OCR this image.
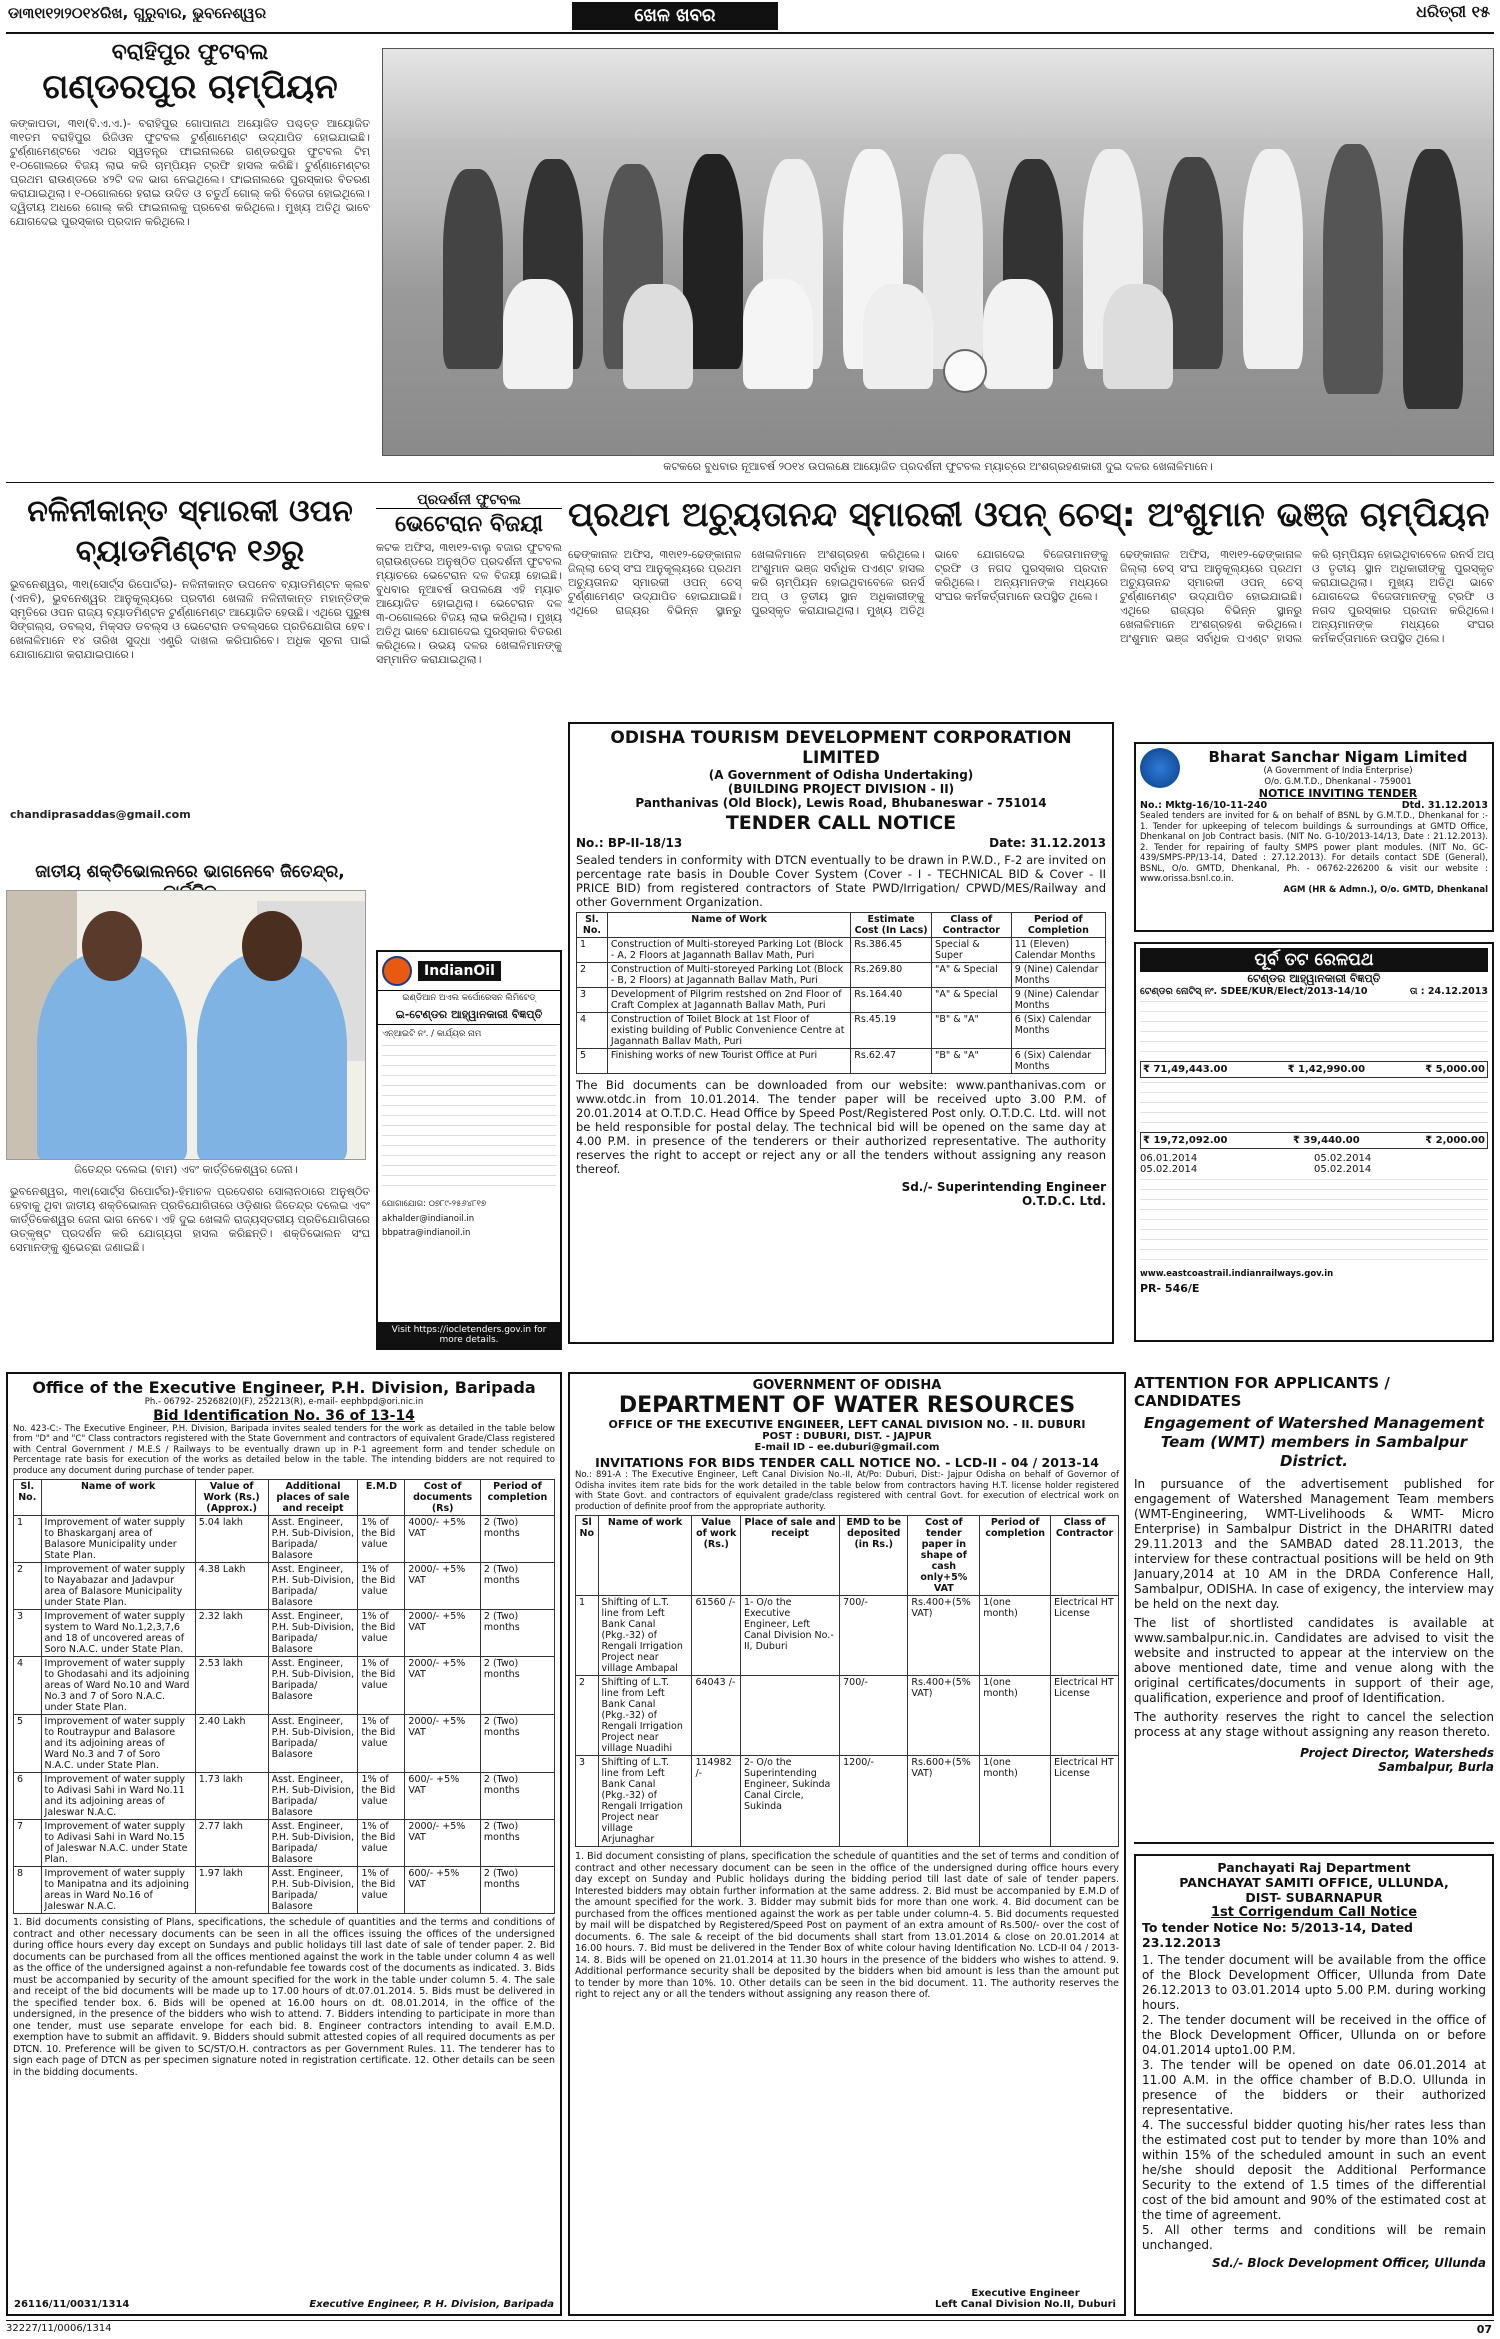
ଡା୩୧ା୧୨ା୨୦୧୪ରିଖ, ଗୁରୁବାର, ଭୁବନେଶ୍ୱର	ଖେଳ ଖବର	ଧରିତ୍ରୀ ୧୫
ବରାହିପୁର ଫୁଟବଲ
ଗଣ୍ଡରପୁର ଚାମ୍ପିୟନ
କଙ୍କାପଡା, ୩୧ା(ବି.ଏ.ଏ.)- ବରାହିପୁର ଗୋପାନାଥ ଅୟୋଜିତ ପଶ୍ଚତ୍ତ ଆୟୋଜିତ ୩୧ତମ ବରାହିପୁର ରିଜିଓନ ଫୁଟବଲ ଟୁର୍ଣ୍ଣାମେଣ୍ଟ ଉଦ୍‌ଯାପିତ ହୋଇଯାଇଛି। ଟୁର୍ଣ୍ଣାମେଣ୍ଟରେ ଏଥର ସ୍ୱତନ୍ତ୍ର ଫାଇନାଲରେ ଗଣ୍ଡରପୁର ଫୁଟବଲ ଟିମ୍ ୧-୦ଗୋଲରେ ବିଜୟ ଲାଭ କରି ଚାମ୍ପିୟନ ଟ୍ରଫି ହାସଲ କରିଛି। ଟୁର୍ଣ୍ଣାମେଣ୍ଟର ପ୍ରଥମ ରାଉଣ୍ଡରେ ୪୨ଟି ଦଳ ଭାଗ ନେଇଥିଲେ। ଫାଇନାଲରେ ପୁରସ୍କାର ବିତରଣ କରାଯାଇଥିଲା। ୧-୦ଗୋଲରେ ହରାଇ ଉଦିତ ଓ ଚତୁର୍ଥ ଗୋଲ୍ କରି ବିଜେତା ହୋଇଥିଲେ। ଦ୍ୱିତୀୟ ଅଧରେ ଗୋଲ୍ କରି ଫାଇନାଲକୁ ପ୍ରବେଶ କରିଥିଲେ। ମୁଖ୍ୟ ଅତିଥି ଭାବେ ଯୋଗଦେଇ ପୁରସ୍କାର ପ୍ରଦାନ କରିଥିଲେ।
କଟକରେ ବୁଧବାର ନୂଆବର୍ଷ ୨୦୧୪ ଉପଲକ୍ଷେ ଆୟୋଜିତ ପ୍ରଦର୍ଶନୀ ଫୁଟବଲ ମ୍ୟାଚ୍‌ରେ ଅଂଶଗ୍ରହଣକାରୀ ଦୁଇ ଦଳର ଖେଳାଳିମାନେ।
ନଳିନୀକାନ୍ତ ସ୍ମାରକୀ ଓପନ ବ୍ୟାଡମିଣ୍ଟନ ୧୬ରୁ
ଭୁବନେଶ୍ୱର, ୩୧ା(ସୋର୍ଟ୍ସ ରିପୋର୍ଟର)- ନଳିନୀକାନ୍ତ ଉପନେବ ବ୍ୟାଡମିଣ୍ଟନ କ୍ଲବ (ଏନବି), ଭୁବନେଶ୍ୱର ଆନୁକୂଲ୍ୟରେ ପ୍ରବୀଣ ଖେଳାଳି ନଳିନୀକାନ୍ତ ମହାନ୍ତିଙ୍କ ସ୍ମୃତିରେ ଓପନ ରାଜ୍ୟ ବ୍ୟାଡମିଣ୍ଟନ ଟୁର୍ଣ୍ଣାମେଣ୍ଟ ଆୟୋଜିତ ହେଉଛି। ଏଥିରେ ପୁରୁଷ ସିଙ୍ଗଲ୍ସ, ଡବଲ୍ସ, ମିକ୍ସଡ ଡବଲ୍ସ ଓ ଭେଟେରାନ ଡବଲ୍ସରେ ପ୍ରତିଯୋଗିତା ହେବ। ଖେଳାଳିମାନେ ୧୪ ତାରିଖ ସୁଦ୍ଧା ଏଣ୍ଟ୍ରି ଦାଖଲ କରିପାରିବେ। ଅଧିକ ସୂଚନା ପାଇଁ ଯୋଗାଯୋଗ କରାଯାଇପାରେ।
chandiprasaddas@gmail.com
ଜାତୀୟ ଶକ୍ତିଭୋଲନରେ ଭାଗନେବେ ଜିତେନ୍ଦ୍ର,
ଜିତେନ୍ଦ୍ର ଦଲେଇ (ବାମ) ଏବଂ କାର୍ତ୍ତିକେଶ୍ୱର ଜେନା।
ଭୁବନେଶ୍ୱର, ୩୧ା(ସୋର୍ଟ୍ସ ରିପୋର୍ଟର)-ହିମାଚଳ ପ୍ରଦେଶର ସୋଲାନଠାରେ ଅନୁଷ୍ଠିତ ହେବାକୁ ଥିବା ଜାତୀୟ ଶକ୍ତିଭୋଲନ ପ୍ରତିଯୋଗିତାରେ ଓଡ଼ିଶାର ଜିତେନ୍ଦ୍ର ଦଲେଇ ଏବଂ କାର୍ତ୍ତିକେଶ୍ୱର ଜେନା ଭାଗ ନେବେ। ଏହି ଦୁଇ ଖେଳାଳି ରାଜ୍ୟସ୍ତରୀୟ ପ୍ରତିଯୋଗିତାରେ ଉତ୍କୃଷ୍ଟ ପ୍ରଦର୍ଶନ କରି ଯୋଗ୍ୟତା ହାସଲ କରିଛନ୍ତି। ଶକ୍ତିଭୋଲନ ସଂଘ ସେମାନଙ୍କୁ ଶୁଭେଚ୍ଛା ଜଣାଇଛି।
ପ୍ରଦର୍ଶନୀ ଫୁଟବଲ
ଭେଟେରାନ ବିଜୟୀ
କଟକ ଅଫିସ, ୩୧ା୧୨-ବାଲୁ ବଜାର ଫୁଟବଲ ଗ୍ରାଉଣ୍ଡରେ ଅନୁଷ୍ଠିତ ପ୍ରଦର୍ଶନୀ ଫୁଟବଲ ମ୍ୟାଚରେ ଭେଟେରାନ ଦଳ ବିଜୟୀ ହୋଇଛି। ବୁଧବାର ନୂଆବର୍ଷ ଉପଲକ୍ଷେ ଏହି ମ୍ୟାଚ ଆୟୋଜିତ ହୋଇଥିଲା। ଭେଟେରାନ ଦଳ ୩-୦ଗୋଲରେ ବିଜୟ ଲାଭ କରିଥିଲା। ମୁଖ୍ୟ ଅତିଥି ଭାବେ ଯୋଗଦେଇ ପୁରସ୍କାର ବିତରଣ କରିଥିଲେ। ଉଭୟ ଦଳର ଖେଳାଳିମାନଙ୍କୁ ସମ୍ମାନିତ କରାଯାଇଥିଲା।
IndianOil
ଇଣ୍ଡିଆନ ଅଏଲ କର୍ପୋରେସନ ଲିମିଟେଡ୍
ଇ-ଟେଣ୍ଡର ଆହ୍ୱାନକାରୀ ବିଜ୍ଞପ୍ତି
ଏନ୍‌ଆଇଟି ନଂ. / କାର୍ଯ୍ୟର ନାମ
ଯୋଗାଯୋଗ: ୦୭୮୯-୨୫୬୪୮୧୭
akhalder@indianoil.in
bbpatra@indianoil.in
Visit https://iocletenders.gov.in for more details.
ପ୍ରଥମ ଅଚ୍ୟୁତାନନ୍ଦ ସ୍ମାରକୀ ଓପନ୍ ଚେସ୍: ଅଂଶୁମାନ ଭଞ୍ଜ ଚାମ୍ପିୟନ
ଢେଙ୍କାନାଳ ଅଫିସ, ୩୧ା୧୨-ଢେଙ୍କାନାଳ ଜିଲ୍ଲା ଚେସ୍ ସଂଘ ଆନୁକୂଲ୍ୟରେ ପ୍ରଥମ ଅଚ୍ୟୁତାନନ୍ଦ ସ୍ମାରକୀ ଓପନ୍ ଚେସ୍ ଟୁର୍ଣ୍ଣାମେଣ୍ଟ ଉଦ୍‌ଯାପିତ ହୋଇଯାଇଛି। ଏଥିରେ ରାଜ୍ୟର ବିଭିନ୍ନ ସ୍ଥାନରୁ ଖେଳାଳିମାନେ ଅଂଶଗ୍ରହଣ କରିଥିଲେ। ଅଂଶୁମାନ ଭଞ୍ଜ ସର୍ବାଧିକ ପଏଣ୍ଟ ହାସଲ କରି ଚାମ୍ପିୟନ ହୋଇଥିବାବେଳେ ରନର୍ସ ଅପ୍ ଓ ତୃତୀୟ ସ୍ଥାନ ଅଧିକାରୀଙ୍କୁ ପୁରସ୍କୃତ କରାଯାଇଥିଲା। ମୁଖ୍ୟ ଅତିଥି ଭାବେ ଯୋଗଦେଇ ବିଜେତାମାନଙ୍କୁ ଟ୍ରଫି ଓ ନଗଦ ପୁରସ୍କାର ପ୍ରଦାନ କରିଥିଲେ। ଅନ୍ୟମାନଙ୍କ ମଧ୍ୟରେ ସଂଘର କର୍ମକର୍ତ୍ତାମାନେ ଉପସ୍ଥିତ ଥିଲେ।
ଢେଙ୍କାନାଳ ଅଫିସ, ୩୧ା୧୨-ଢେଙ୍କାନାଳ ଜିଲ୍ଲା ଚେସ୍ ସଂଘ ଆନୁକୂଲ୍ୟରେ ପ୍ରଥମ ଅଚ୍ୟୁତାନନ୍ଦ ସ୍ମାରକୀ ଓପନ୍ ଚେସ୍ ଟୁର୍ଣ୍ଣାମେଣ୍ଟ ଉଦ୍‌ଯାପିତ ହୋଇଯାଇଛି। ଏଥିରେ ରାଜ୍ୟର ବିଭିନ୍ନ ସ୍ଥାନରୁ ଖେଳାଳିମାନେ ଅଂଶଗ୍ରହଣ କରିଥିଲେ। ଅଂଶୁମାନ ଭଞ୍ଜ ସର୍ବାଧିକ ପଏଣ୍ଟ ହାସଲ କରି ଚାମ୍ପିୟନ ହୋଇଥିବାବେଳେ ରନର୍ସ ଅପ୍ ଓ ତୃତୀୟ ସ୍ଥାନ ଅଧିକାରୀଙ୍କୁ ପୁରସ୍କୃତ କରାଯାଇଥିଲା। ମୁଖ୍ୟ ଅତିଥି ଭାବେ ଯୋଗଦେଇ ବିଜେତାମାନଙ୍କୁ ଟ୍ରଫି ଓ ନଗଦ ପୁରସ୍କାର ପ୍ରଦାନ କରିଥିଲେ। ଅନ୍ୟମାନଙ୍କ ମଧ୍ୟରେ ସଂଘର କର୍ମକର୍ତ୍ତାମାନେ ଉପସ୍ଥିତ ଥିଲେ।
ODISHA TOURISM DEVELOPMENT CORPORATION LIMITED
(A Government of Odisha Undertaking)
(BUILDING PROJECT DIVISION - II)
Panthanivas (Old Block), Lewis Road, Bhubaneswar - 751014
TENDER CALL NOTICE
No.: BP-II-18/13	Date: 31.12.2013
Sealed tenders in conformity with DTCN eventually to be drawn in P.W.D., F-2 are invited on percentage rate basis in Double Cover System (Cover - I - TECHNICAL BID & Cover - II PRICE BID) from registered contractors of State PWD/Irrigation/ CPWD/MES/Railway and other Government Organization.
Sl. No.	Name of Work	Estimate Cost (In Lacs)	Class of Contractor	Period of Completion
1	Construction of Multi-storeyed Parking Lot (Block - A, 2 Floors at Jagannath Ballav Math, Puri	Rs.386.45	Special & Super	11 (Eleven) Calendar Months
2	Construction of Multi-storeyed Parking Lot (Block - B, 2 Floors) at Jagannath Ballav Math, Puri	Rs.269.80	"A" & Special	9 (Nine) Calendar Months
3	Development of Pilgrim restshed on 2nd Floor of Craft Complex at Jagannath Ballav Math, Puri	Rs.164.40	"A" & Special	9 (Nine) Calendar Months
4	Construction of Toilet Block at 1st Floor of existing building of Public Convenience Centre at Jagannath Ballav Math, Puri	Rs.45.19	"B" & "A"	6 (Six) Calendar Months
5	Finishing works of new Tourist Office at Puri	Rs.62.47	"B" & "A"	6 (Six) Calendar Months
The Bid documents can be downloaded from our website: www.panthanivas.com or www.otdc.in from 10.01.2014. The tender paper will be received upto 3.00 P.M. of 20.01.2014 at O.T.D.C. Head Office by Speed Post/Registered Post only. O.T.D.C. Ltd. will not be held responsible for postal delay. The technical bid will be opened on the same day at 4.00 P.M. in presence of the tenderers or their authorized representative. The authority reserves the right to accept or reject any or all the tenders without assigning any reason thereof.
Sd./- Superintending Engineer
O.T.D.C. Ltd.
Bharat Sanchar Nigam Limited
(A Government of India Enterprise)
O/o. G.M.T.D., Dhenkanal - 759001
NOTICE INVITING TENDER
No.: Mktg-16/10-11-240	Dtd. 31.12.2013
Sealed tenders are invited for & on behalf of BSNL by G.M.T.D., Dhenkanal for :- 1. Tender for upkeeping of telecom buildings & surroundings at GMTD Office, Dhenkanal on Job Contract basis. (NIT No. G-10/2013-14/13, Date : 21.12.2013). 2. Tender for repairing of faulty SMPS power plant modules. (NIT No. GC-439/SMPS-PP/13-14, Dated : 27.12.2013). For details contact SDE (General), BSNL, O/o. GMTD, Dhenkanal, Ph. - 06762-226200 & visit our website : www.orissa.bsnl.co.in.
AGM (HR & Admn.), O/o. GMTD, Dhenkanal
ପୂର୍ବ ତଟ ରେଳପଥ
ଟେଣ୍ଡର ଆହ୍ୱାନକାରୀ ବିଜ୍ଞପ୍ତି
ଟେଣ୍ଡର ନୋଟିସ୍ ନଂ. SDEE/KUR/Elect/2013-14/10	ତା : 24.12.2013
₹ 71,49,443.00	₹ 1,42,990.00	₹ 5,000.00
₹ 19,72,092.00	₹ 39,440.00	₹ 2,000.00
06.01.2014	05.02.2014
05.02.2014	05.02.2014
www.eastcoastrail.indianrailways.gov.in
PR- 546/E
Office of the Executive Engineer, P.H. Division, Baripada
Ph.- 06792- 252682(0)(F), 252213(R), e-mail- eephbpd@ori.nic.in
Bid Identification No. 36 of 13-14
No. 423-C:- The Executive Engineer, P.H. Division, Baripada invites sealed tenders for the work as detailed in the table below from "D" and "C" Class contractors registered with the State Government and contractors of equivalent Grade/Class registered with Central Government / M.E.S / Railways to be eventually drawn up in P-1 agreement form and tender schedule on Percentage rate basis for execution of the works as detailed below in the table. The intending bidders are not required to produce any document during purchase of tender paper.
Sl. No.	Name of work	Value of Work (Rs.) (Approx.)	Additional places of sale and receipt	E.M.D	Cost of documents (Rs)	Period of completion
1	Improvement of water supply to Bhaskarganj area of Balasore Municipality under State Plan.	5.04 lakh	Asst. Engineer, P.H. Sub-Division, Baripada/ Balasore	1% of the Bid value	4000/- +5% VAT	2 (Two) months
2	Improvement of water supply to Nayabazar and Jadavpur area of Balasore Municipality under State Plan.	4.38 Lakh	Asst. Engineer, P.H. Sub-Division, Baripada/ Balasore	1% of the Bid value	2000/- +5% VAT	2 (Two) months
3	Improvement of water supply system to Ward No.1,2,3,7,6 and 18 of uncovered areas of Soro N.A.C. under State Plan.	2.32 lakh	Asst. Engineer, P.H. Sub-Division, Baripada/ Balasore	1% of the Bid value	2000/- +5% VAT	2 (Two) months
4	Improvement of water supply to Ghodasahi and its adjoining areas of Ward No.10 and Ward No.3 and 7 of Soro N.A.C. under State Plan.	2.53 lakh	Asst. Engineer, P.H. Sub-Division, Baripada/ Balasore	1% of the Bid value	2000/- +5% VAT	2 (Two) months
5	Improvement of water supply to Routraypur and Balasore and its adjoining areas of Ward No.3 and 7 of Soro N.A.C. under State Plan.	2.40 Lakh	Asst. Engineer, P.H. Sub-Division, Baripada/ Balasore	1% of the Bid value	2000/- +5% VAT	2 (Two) months
6	Improvement of water supply to Adivasi Sahi in Ward No.11 and its adjoining areas of Jaleswar N.A.C.	1.73 lakh	Asst. Engineer, P.H. Sub-Division, Baripada/ Balasore	1% of the Bid value	600/- +5% VAT	2 (Two) months
7	Improvement of water supply to Adivasi Sahi in Ward No.15 of Jaleswar N.A.C. under State Plan.	2.77 lakh	Asst. Engineer, P.H. Sub-Division, Baripada/ Balasore	1% of the Bid value	2000/- +5% VAT	2 (Two) months
8	Improvement of water supply to Manipatna and its adjoining areas in Ward No.16 of Jaleswar N.A.C.	1.97 lakh	Asst. Engineer, P.H. Sub-Division, Baripada/ Balasore	1% of the Bid value	600/- +5% VAT	2 (Two) months
1. Bid documents consisting of Plans, specifications, the schedule of quantities and the terms and conditions of contract and other necessary documents can be seen in all the offices issuing the offices of the undersigned during office hours every day except on Sundays and public holidays till last date of sale of tender paper. 2. Bid documents can be purchased from all the offices mentioned against the work in the table under column 4 as well as the office of the undersigned against a non-refundable fee towards cost of the documents as indicated. 3. Bids must be accompanied by security of the amount specified for the work in the table under column 5. 4. The sale and receipt of the bid documents will be made up to 17.00 hours of dt.07.01.2014. 5. Bids must be delivered in the specified tender box. 6. Bids will be opened at 16.00 hours on dt. 08.01.2014, in the office of the undersigned, in the presence of the bidders who wish to attend. 7. Bidders intending to participate in more than one tender, must use separate envelope for each bid. 8. Engineer contractors intending to avail E.M.D. exemption have to submit an affidavit. 9. Bidders should submit attested copies of all required documents as per DTCN. 10. Preference will be given to SC/ST/O.H. contractors as per Government Rules. 11. The tenderer has to sign each page of DTCN as per specimen signature noted in registration certificate. 12. Other details can be seen in the bidding documents.
26116/11/0031/1314	Executive Engineer, P. H. Division, Baripada
GOVERNMENT OF ODISHA
DEPARTMENT OF WATER RESOURCES
OFFICE OF THE EXECUTIVE ENGINEER, LEFT CANAL DIVISION NO. - II. DUBURI
POST : DUBURI, DIST. - JAJPUR
E-mail ID – ee.duburi@gmail.com
INVITATIONS FOR BIDS TENDER CALL NOTICE NO. - LCD-II - 04 / 2013-14
No.: 891-A : The Executive Engineer, Left Canal Division No.-II, At/Po: Duburi, Dist:- Jajpur Odisha on behalf of Governor of Odisha invites item rate bids for the work detailed in the table below from contractors having H.T. license holder registered with State Govt. and contractors of equivalent grade/class registered with central Govt. for execution of electrical work on production of definite proof from the appropriate authority.
Sl No	Name of work	Value of work (Rs.)	Place of sale and receipt	EMD to be deposited (in Rs.)	Cost of tender paper in shape of cash only+5% VAT	Period of completion	Class of Contractor
1	Shifting of L.T. line from Left Bank Canal (Pkg.-32) of Rengali Irrigation Project near village Ambapal	61560 /-	1- O/o the Executive Engineer, Left Canal Division No.-II, Duburi	700/-	Rs.400+(5% VAT)	1(one month)	Electrical HT License
2	Shifting of L.T. line from Left Bank Canal (Pkg.-32) of Rengali Irrigation Project near village Nuadihi	64043 /-		700/-	Rs.400+(5% VAT)	1(one month)	Electrical HT License
3	Shifting of L.T. line from Left Bank Canal (Pkg.-32) of Rengali Irrigation Project near village Arjunaghar	114982 /-	2- O/o the Superintending Engineer, Sukinda Canal Circle, Sukinda	1200/-	Rs.600+(5% VAT)	1(one month)	Electrical HT License
1. Bid document consisting of plans, specification the schedule of quantities and the set of terms and condition of contract and other necessary document can be seen in the office of the undersigned during office hours every day except on Sunday and Public holidays during the bidding period till last date of sale of tender papers. Interested bidders may obtain further information at the same address. 2. Bid must be accompanied by E.M.D of the amount specified for the work. 3. Bidder may submit bids for more than one work. 4. Bid document can be purchased from the offices mentioned against the work as per table under column-4. 5. Bid documents requested by mail will be dispatched by Registered/Speed Post on payment of an extra amount of Rs.500/- over the cost of documents. 6. The sale & receipt of the bid documents shall start from 13.01.2014 & close on 20.01.2014 at 16.00 hours. 7. Bid must be delivered in the Tender Box of white colour having Identification No. LCD-II 04 / 2013-14. 8. Bids will be opened on 21.01.2014 at 11.30 hours in the presence of the bidders who wishes to attend. 9. Additional performance security shall be deposited by the bidders when bid amount is less than the amount put to tender by more than 10%. 10. Other details can be seen in the bid document. 11. The authority reserves the right to reject any or all the tenders without assigning any reason there of.
Executive Engineer
Left Canal Division No.II, Duburi
ATTENTION FOR APPLICANTS / CANDIDATES
Engagement of Watershed Management Team (WMT) members in Sambalpur District.
In pursuance of the advertisement published for engagement of Watershed Management Team members (WMT-Engineering, WMT-Livelihoods & WMT- Micro Enterprise) in Sambalpur District in the DHARITRI dated 29.11.2013 and the SAMBAD dated 28.11.2013, the interview for these contractual positions will be held on 9th January,2014 at 10 AM in the DRDA Conference Hall, Sambalpur, ODISHA. In case of exigency, the interview may be held on the next day.
The list of shortlisted candidates is available at www.sambalpur.nic.in. Candidates are advised to visit the website and instructed to appear at the interview on the above mentioned date, time and venue along with the original certificates/documents in support of their age, qualification, experience and proof of Identification.
The authority reserves the right to cancel the selection process at any stage without assigning any reason thereto.
Project Director, Watersheds
Sambalpur, Burla
Panchayati Raj Department
PANCHAYAT SAMITI OFFICE, ULLUNDA,
DIST- SUBARNAPUR
1st Corrigendum Call Notice
To tender Notice No: 5/2013-14, Dated 23.12.2013
1. The tender document will be available from the office of the Block Development Officer, Ullunda from Date 26.12.2013 to 03.01.2014 upto 5.00 P.M. during working hours.
2. The tender document will be received in the office of the Block Development Officer, Ullunda on or before 04.01.2014 upto1.00 P.M.
3. The tender will be opened on date 06.01.2014 at 11.00 A.M. in the office chamber of B.D.O. Ullunda in presence of the bidders or their authorized representative.
4. The successful bidder quoting his/her rates less than the estimated cost put to tender by more than 10% and within 15% of the scheduled amount in such an event he/she should deposit the Additional Performance Security to the extend of 1.5 times of the differential cost of the bid amount and 90% of the estimated cost at the time of agreement.
5. All other terms and conditions will be remain unchanged.
Sd./- Block Development Officer, Ullunda
32227/11/0006/1314	07
